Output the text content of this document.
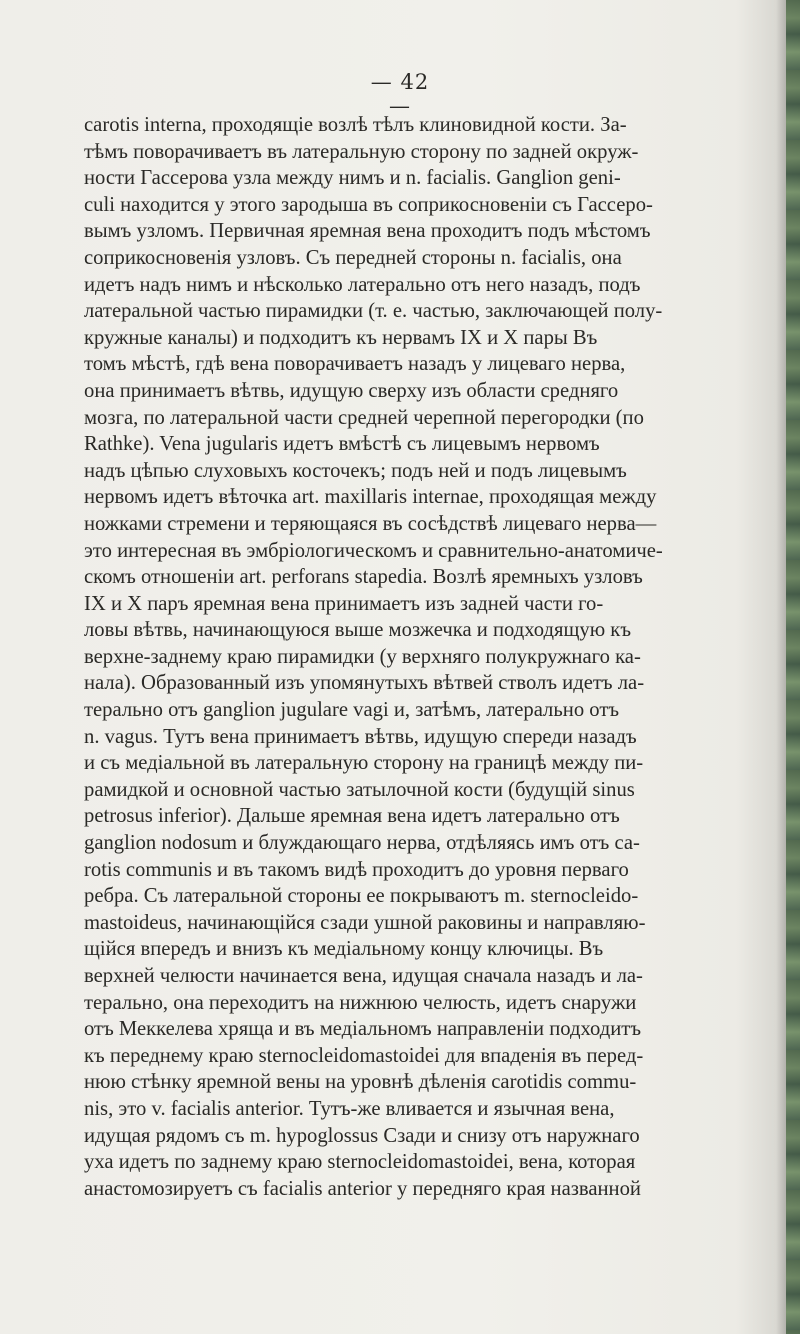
— 42 —
carotis interna, проходящіе возлѣ тѣлъ клиновидной кости. За-
тѣмъ поворачиваетъ въ латеральную сторону по задней окруж-
ности Гассерова узла между нимъ и n. facialis. Ganglion geni-
culi находится у этого зародыша въ соприкосновеніи съ Гассеро-
вымъ узломъ. Первичная яремная вена проходитъ подъ мѣстомъ
соприкосновенія узловъ. Съ передней стороны n. facialis, она
идетъ надъ нимъ и нѣсколько латерально отъ него назадъ, подъ
латеральной частью пирамидки (т. е. частью, заключающей полу-
кружные каналы) и подходитъ къ нервамъ IX и X пары Въ
томъ мѣстѣ, гдѣ вена поворачиваетъ назадъ у лицеваго нерва,
она принимаетъ вѣтвь, идущую сверху изъ области средняго
мозга, по латеральной части средней черепной перегородки (по
Rathke). Vena jugularis идетъ вмѣстѣ съ лицевымъ нервомъ
надъ цѣпью слуховыхъ косточекъ; подъ ней и подъ лицевымъ
нервомъ идетъ вѣточка art. maxillaris internae, проходящая между
ножками стремени и теряющаяся въ сосѣдствѣ лицеваго нерва—
это интересная въ эмбріологическомъ и сравнительно-анатомиче-
скомъ отношеніи art. perforans stapedia. Возлѣ яремныхъ узловъ
IX и X паръ яремная вена принимаетъ изъ задней части го-
ловы вѣтвь, начинающуюся выше мозжечка и подходящую къ
верхне-заднему краю пирамидки (у верхняго полукружнаго ка-
нала). Образованный изъ упомянутыхъ вѣтвей стволъ идетъ ла-
терально отъ ganglion jugulare vagi и, затѣмъ, латерально отъ
n. vagus. Тутъ вена принимаетъ вѣтвь, идущую спереди назадъ
и съ медіальной въ латеральную сторону на границѣ между пи-
рамидкой и основной частью затылочной кости (будущій sinus
petrosus inferior). Дальше яремная вена идетъ латерально отъ
ganglion nodosum и блуждающаго нерва, отдѣляясь имъ отъ са-
rotis communis и въ такомъ видѣ проходитъ до уровня перваго
ребра. Съ латеральной стороны ее покрываютъ m. sternocleido-
mastoideus, начинающійся сзади ушной раковины и направляю-
щійся впередъ и внизъ къ медіальному концу ключицы. Въ
верхней челюсти начинается вена, идущая сначала назадъ и ла-
терально, она переходитъ на нижнюю челюсть, идетъ снаружи
отъ Меккелева хряща и въ медіальномъ направленіи подходитъ
къ переднему краю sternocleidomastoidei для впаденія въ перед-
нюю стѣнку яремной вены на уровнѣ дѣленія carotidis commu-
nis, это v. facialis anterior. Тутъ-же вливается и язычная вена,
идущая рядомъ съ m. hypoglossus Сзади и снизу отъ наружнаго
уха идетъ по заднему краю sternocleidomastoidei, вена, которая
анастомозируетъ съ facialis anterior у передняго края названной
